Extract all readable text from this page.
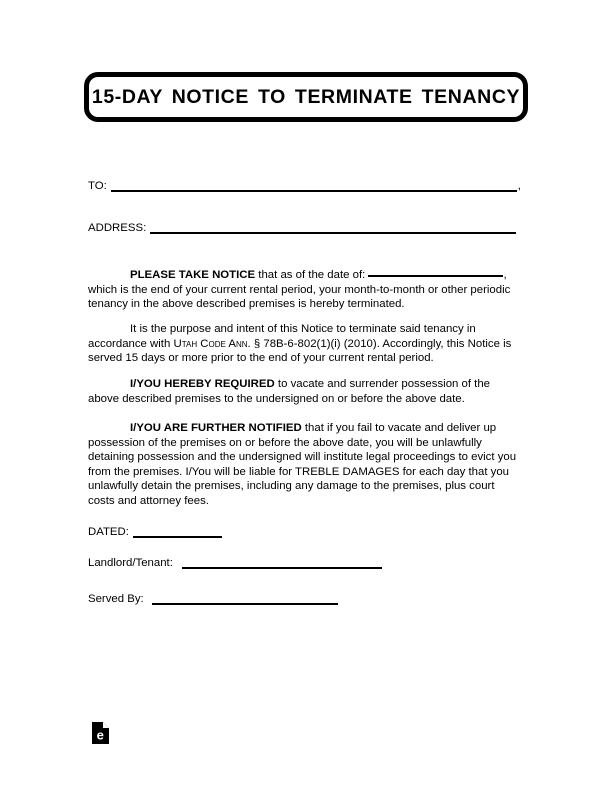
15-DAY NOTICE TO TERMINATE TENANCY
TO:	,
ADDRESS:
PLEASE TAKE NOTICE that as of the date of:	,
which is the end of your current rental period, your month-to-month or other periodic tenancy in the above described premises is hereby terminated.
It is the purpose and intent of this Notice to terminate said tenancy in accordance with Utah Code Ann. § 78B-6-802(1)(i) (2010). Accordingly, this Notice is served 15 days or more prior to the end of your current rental period.
I/YOU HEREBY REQUIRED to vacate and surrender possession of the above described premises to the undersigned on or before the above date.
I/YOU ARE FURTHER NOTIFIED that if you fail to vacate and deliver up possession of the premises on or before the above date, you will be unlawfully detaining possession and the undersigned will institute legal proceedings to evict you from the premises. I/You will be liable for TREBLE DAMAGES for each day that you unlawfully detain the premises, including any damage to the premises, plus court costs and attorney fees.
DATED:
Landlord/Tenant:
Served By:
e
